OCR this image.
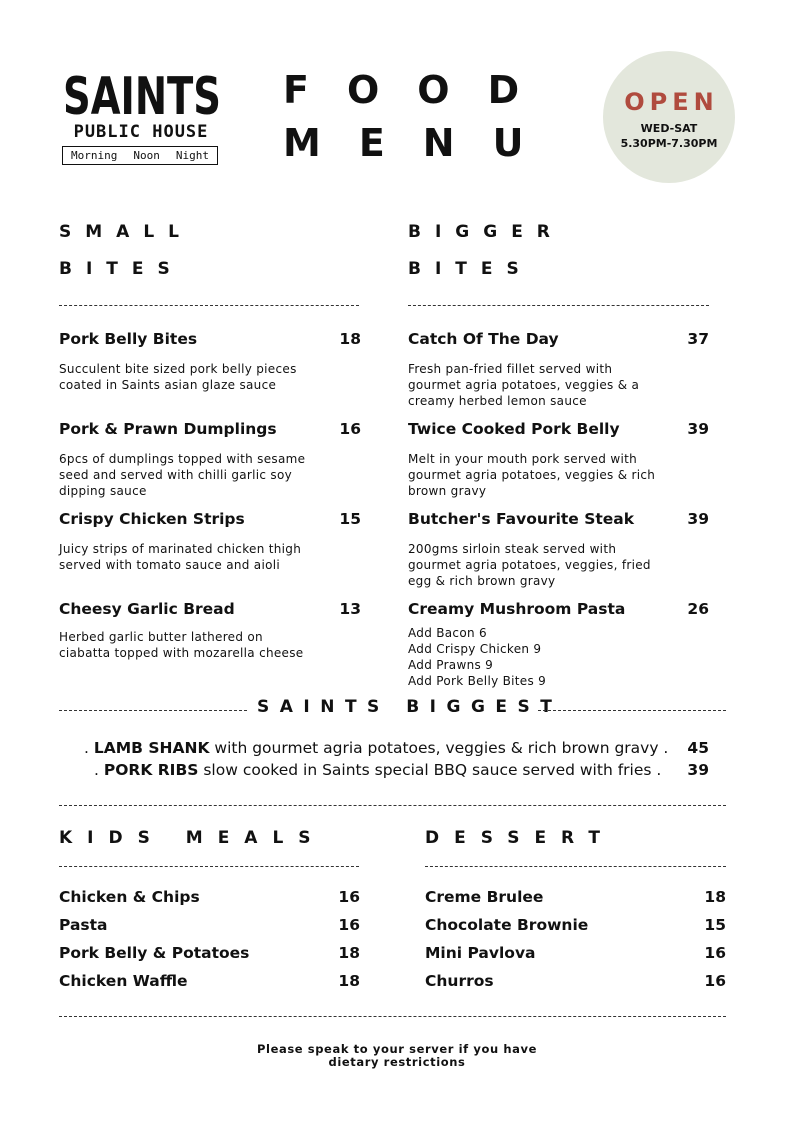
SAINTS
PUBLIC HOUSE
Morning Noon Night
FOOD
MENU
OPEN
WED-SAT
5.30PM-7.30PM
SMALL
BITES
BIGGER
BITES
Pork Belly Bites	18
Succulent bite sized pork belly pieces
coated in Saints asian glaze sauce
Pork & Prawn Dumplings	16
6pcs of dumplings topped with sesame
seed and served with chilli garlic soy
dipping sauce
Crispy Chicken Strips	15
Juicy strips of marinated chicken thigh
served with tomato sauce and aioli
Cheesy Garlic Bread	13
Herbed garlic butter lathered on
ciabatta topped with mozarella cheese
Catch Of The Day	37
Fresh pan-fried fillet served with
gourmet agria potatoes, veggies & a
creamy herbed lemon sauce
Twice Cooked Pork Belly	39
Melt in your mouth pork served with
gourmet agria potatoes, veggies & rich
brown gravy
Butcher's Favourite Steak	39
200gms sirloin steak served with
gourmet agria potatoes, veggies, fried
egg & rich brown gravy
Creamy Mushroom Pasta	26
Add Bacon 6
Add Crispy Chicken 9
Add Prawns 9
Add Pork Belly Bites 9
SAINTS BIGGEST
. LAMB SHANK with gourmet agria potatoes, veggies & rich brown gravy .	45
. PORK RIBS slow cooked in Saints special BBQ sauce served with fries .	39
KIDS MEALS
Chicken & Chips	16
Pasta	16
Pork Belly & Potatoes	18
Chicken Waffle	18
DESSERT
Creme Brulee	18
Chocolate Brownie	15
Mini Pavlova	16
Churros	16
Please speak to your server if you have
dietary restrictions
